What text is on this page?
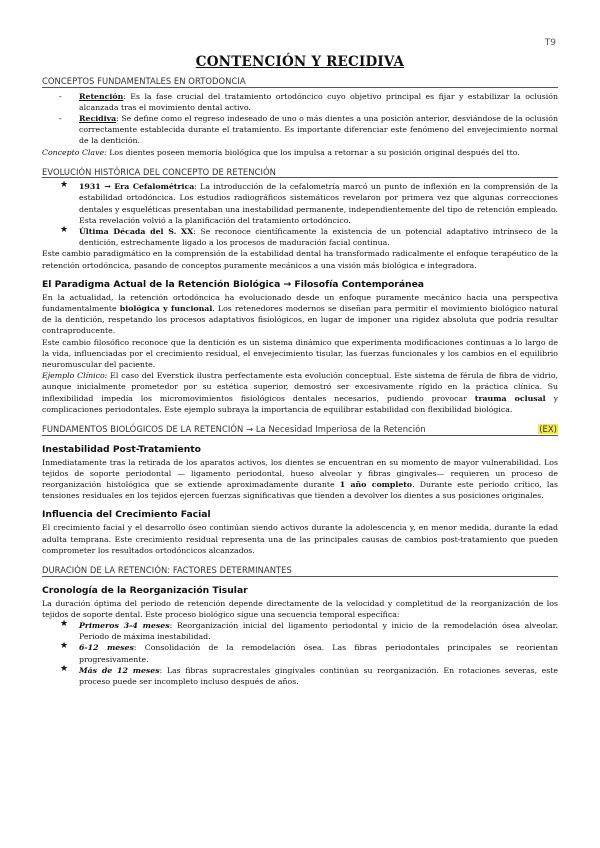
T9
CONTENCIÓN Y RECIDIVA
CONCEPTOS FUNDAMENTALES EN ORTODONCIA
- Retención: Es la fase crucial del tratamiento ortodóncico cuyo objetivo principal es fijar y estabilizar la oclusión alcanzada tras el movimiento dental activo.
- Recidiva: Se define como el regreso indeseado de uno o más dientes a una posición anterior, desviándose de la oclusión correctamente establecida durante el tratamiento. Es importante diferenciar este fenómeno del envejecimiento normal de la dentición.

Concepto Clave: Los dientes poseen memoria biológica que los impulsa a retornar a su posición original después del tto.

EVOLUCIÓN HISTÓRICA DEL CONCEPTO DE RETENCIÓN
★ 1931 → Era Cefalométrica: La introducción de la cefalometría marcó un punto de inflexión en la comprensión de la estabilidad ortodóncica. Los estudios radiográficos sistemáticos revelaron por primera vez que algunas correcciones dentales y esqueléticas presentaban una inestabilidad permanente, independientemente del tipo de retención empleado. Esta revelación volvió a la planificación del tratamiento ortodóncico.
★ Última Década del S. XX: Se reconoce científicamente la existencia de un potencial adaptativo intrínseco de la dentición, estrechamente ligado a los procesos de maduración facial continua.

Este cambio paradigmático en la comprensión de la estabilidad dental ha transformado radicalmente el enfoque terapéutico de la retención ortodóncica, pasando de conceptos puramente mecánicos a una visión más biológica e integradora.

El Paradigma Actual de la Retención Biológica → Filosofía Contemporánea

En la actualidad, la retención ortodóncica ha evolucionado desde un enfoque puramente mecánico hacia una perspectiva fundamentalmente biológica y funcional. Los retenedores modernos se diseñan para permitir el movimiento biológico natural de la dentición, respetando los procesos adaptativos fisiológicos, en lugar de imponer una rigidez absoluta que podría resultar contraproducente.

Este cambio filosófico reconoce que la dentición es un sistema dinámico que experimenta modificaciones continuas a lo largo de la vida, influenciadas por el crecimiento residual, el envejecimiento tisular, las fuerzas funcionales y los cambios en el equilibrio neuromuscular del paciente.

Ejemplo Clínico: El caso del Everstick ilustra perfectamente esta evolución conceptual. Este sistema de férula de fibra de vidrio, aunque inicialmente prometedor por su estética superior, demostró ser excesivamente rígido en la práctica clínica. Su inflexibilidad impedía los micromovimientos fisiológicos dentales necesarios, pudiendo provocar trauma oclusal y complicaciones periodontales. Este ejemplo subraya la importancia de equilibrar estabilidad con flexibilidad biológica.

FUNDAMENTOS BIOLÓGICOS DE LA RETENCIÓN → La Necesidad Imperiosa de la Retención	(EX)
Inestabilidad Post-Tratamiento

Inmediatamente tras la retirada de los aparatos activos, los dientes se encuentran en su momento de mayor vulnerabilidad. Los tejidos de soporte periodontal — ligamento periodontal, hueso alveolar y fibras gingivales— requieren un proceso de reorganización histológica que se extiende aproximadamente durante 1 año completo. Durante este periodo crítico, las tensiones residuales en los tejidos ejercen fuerzas significativas que tienden a devolver los dientes a sus posiciones originales.

Influencia del Crecimiento Facial

El crecimiento facial y el desarrollo óseo continúan siendo activos durante la adolescencia y, en menor medida, durante la edad adulta temprana. Este crecimiento residual representa una de las principales causas de cambios post-tratamiento que pueden comprometer los resultados ortodóncicos alcanzados.

DURACIÓN DE LA RETENCIÓN: FACTORES DETERMINANTES
Cronología de la Reorganización Tisular

La duración óptima del periodo de retención depende directamente de la velocidad y completitud de la reorganización de los tejidos de soporte dental. Este proceso biológico sigue una secuencia temporal específica:

★ Primeros 3-4 meses: Reorganización inicial del ligamento periodontal y inicio de la remodelación ósea alveolar. Periodo de máxima inestabilidad.
★ 6-12 meses: Consolidación de la remodelación ósea. Las fibras periodontales principales se reorientan progresivamente.
★ Más de 12 meses: Las fibras supracrestales gingivales continúan su reorganización. En rotaciones severas, este proceso puede ser incompleto incluso después de años.
